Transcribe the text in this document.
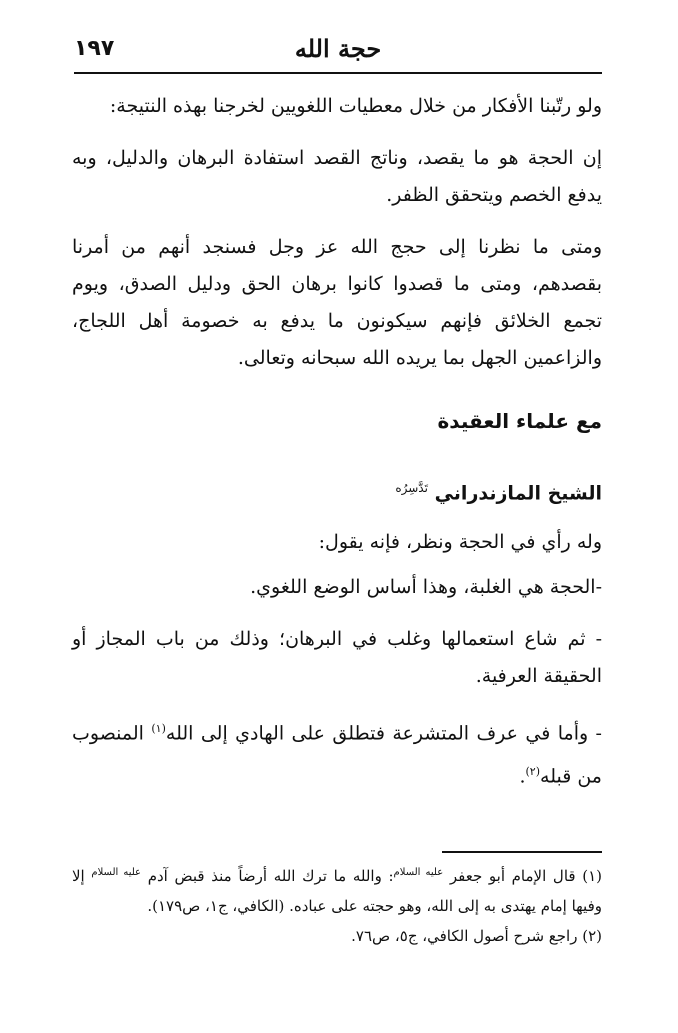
حجة الله
١٩٧

ولو رتّبنا الأفكار من خلال معطيات اللغويين لخرجنا بهذه النتيجة:

إن الحجة هو ما يقصد، وناتج القصد استفادة البرهان والدليل، وبه يدفع الخصم ويتحقق الظفر.

ومتى ما نظرنا إلى حجج الله عز وجل فسنجد أنهم من أمرنا بقصدهم، ومتى ما قصدوا كانوا برهان الحق ودليل الصدق، ويوم تجمع الخلائق فإنهم سيكونون ما يدفع به خصومة أهل اللجاج، والزاعمين الجهل بما يريده الله سبحانه وتعالى.

مع علماء العقيدة
الشيخ المازندراني $^{تَدَّسِرُه}$

وله رأي في الحجة ونظر، فإنه يقول:

-الحجة هي الغلبة، وهذا أساس الوضع اللغوي.

- ثم شاع استعمالها وغلب في البرهان؛ وذلك من باب المجاز أو الحقيقة العرفية.

- وأما في عرف المتشرعة فتطلق على الهادي إلى الله$^{(١)}$ المنصوب من قبله$^{(٢)}$.

(١) قال الإمام أبو جعفر $^{عليه السلام}$: والله ما ترك الله أرضاً منذ قبض آدم $^{عليه السلام}$ إلا وفيها إمام يهتدى به إلى الله، وهو حجته على عباده. (الكافي، ج١، ص١٧٩).

(٢) راجع شرح أصول الكافي، ج٥، ص٧٦.
